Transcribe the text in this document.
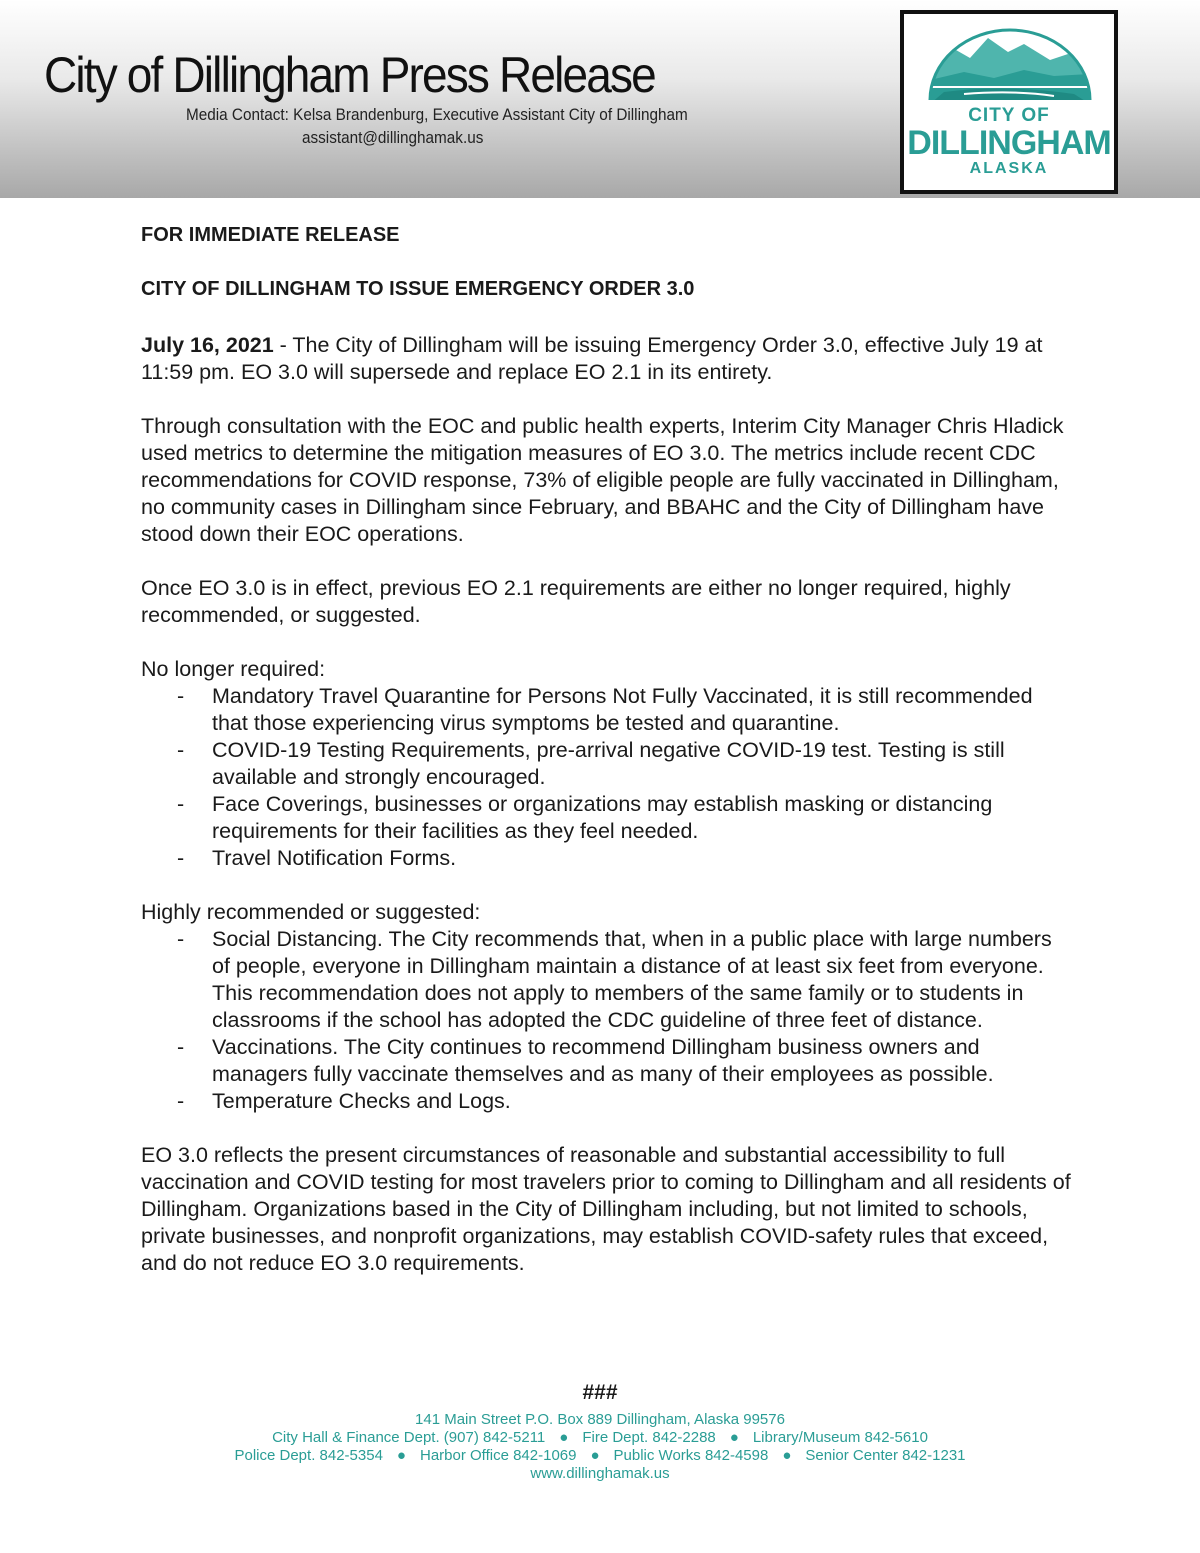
City of Dillingham Press Release
Media Contact: Kelsa Brandenburg, Executive Assistant City of Dillingham
assistant@dillinghamak.us
CITY OF
DILLINGHAM
ALASKA

FOR IMMEDIATE RELEASE

CITY OF DILLINGHAM TO ISSUE EMERGENCY ORDER 3.0

July 16, 2021 - The City of Dillingham will be issuing Emergency Order 3.0, effective July 19 at 11:59 pm. EO 3.0 will supersede and replace EO 2.1 in its entirety.

Through consultation with the EOC and public health experts, Interim City Manager Chris Hladick used metrics to determine the mitigation measures of EO 3.0. The metrics include recent CDC recommendations for COVID response, 73% of eligible people are fully vaccinated in Dillingham, no community cases in Dillingham since February, and BBAHC and the City of Dillingham have stood down their EOC operations.

Once EO 3.0 is in effect, previous EO 2.1 requirements are either no longer required, highly recommended, or suggested.

No longer required:

- Mandatory Travel Quarantine for Persons Not Fully Vaccinated, it is still recommended that those experiencing virus symptoms be tested and quarantine.
- COVID-19 Testing Requirements, pre-arrival negative COVID-19 test. Testing is still available and strongly encouraged.
- Face Coverings, businesses or organizations may establish masking or distancing requirements for their facilities as they feel needed.
- Travel Notification Forms.

Highly recommended or suggested:

- Social Distancing. The City recommends that, when in a public place with large numbers of people, everyone in Dillingham maintain a distance of at least six feet from everyone. This recommendation does not apply to members of the same family or to students in classrooms if the school has adopted the CDC guideline of three feet of distance.
- Vaccinations. The City continues to recommend Dillingham business owners and managers fully vaccinate themselves and as many of their employees as possible.
- Temperature Checks and Logs.

EO 3.0 reflects the present circumstances of reasonable and substantial accessibility to full vaccination and COVID testing for most travelers prior to coming to Dillingham and all residents of Dillingham. Organizations based in the City of Dillingham including, but not limited to schools, private businesses, and nonprofit organizations, may establish COVID-safety rules that exceed, and do not reduce EO 3.0 requirements.

###

141 Main Street P.O. Box 889 Dillingham, Alaska 99576

City Hall & Finance Dept. (907) 842-5211 ● Fire Dept. 842-2288 ● Library/Museum 842-5610

Police Dept. 842-5354 ● Harbor Office 842-1069 ● Public Works 842-4598 ● Senior Center 842-1231

www.dillinghamak.us
